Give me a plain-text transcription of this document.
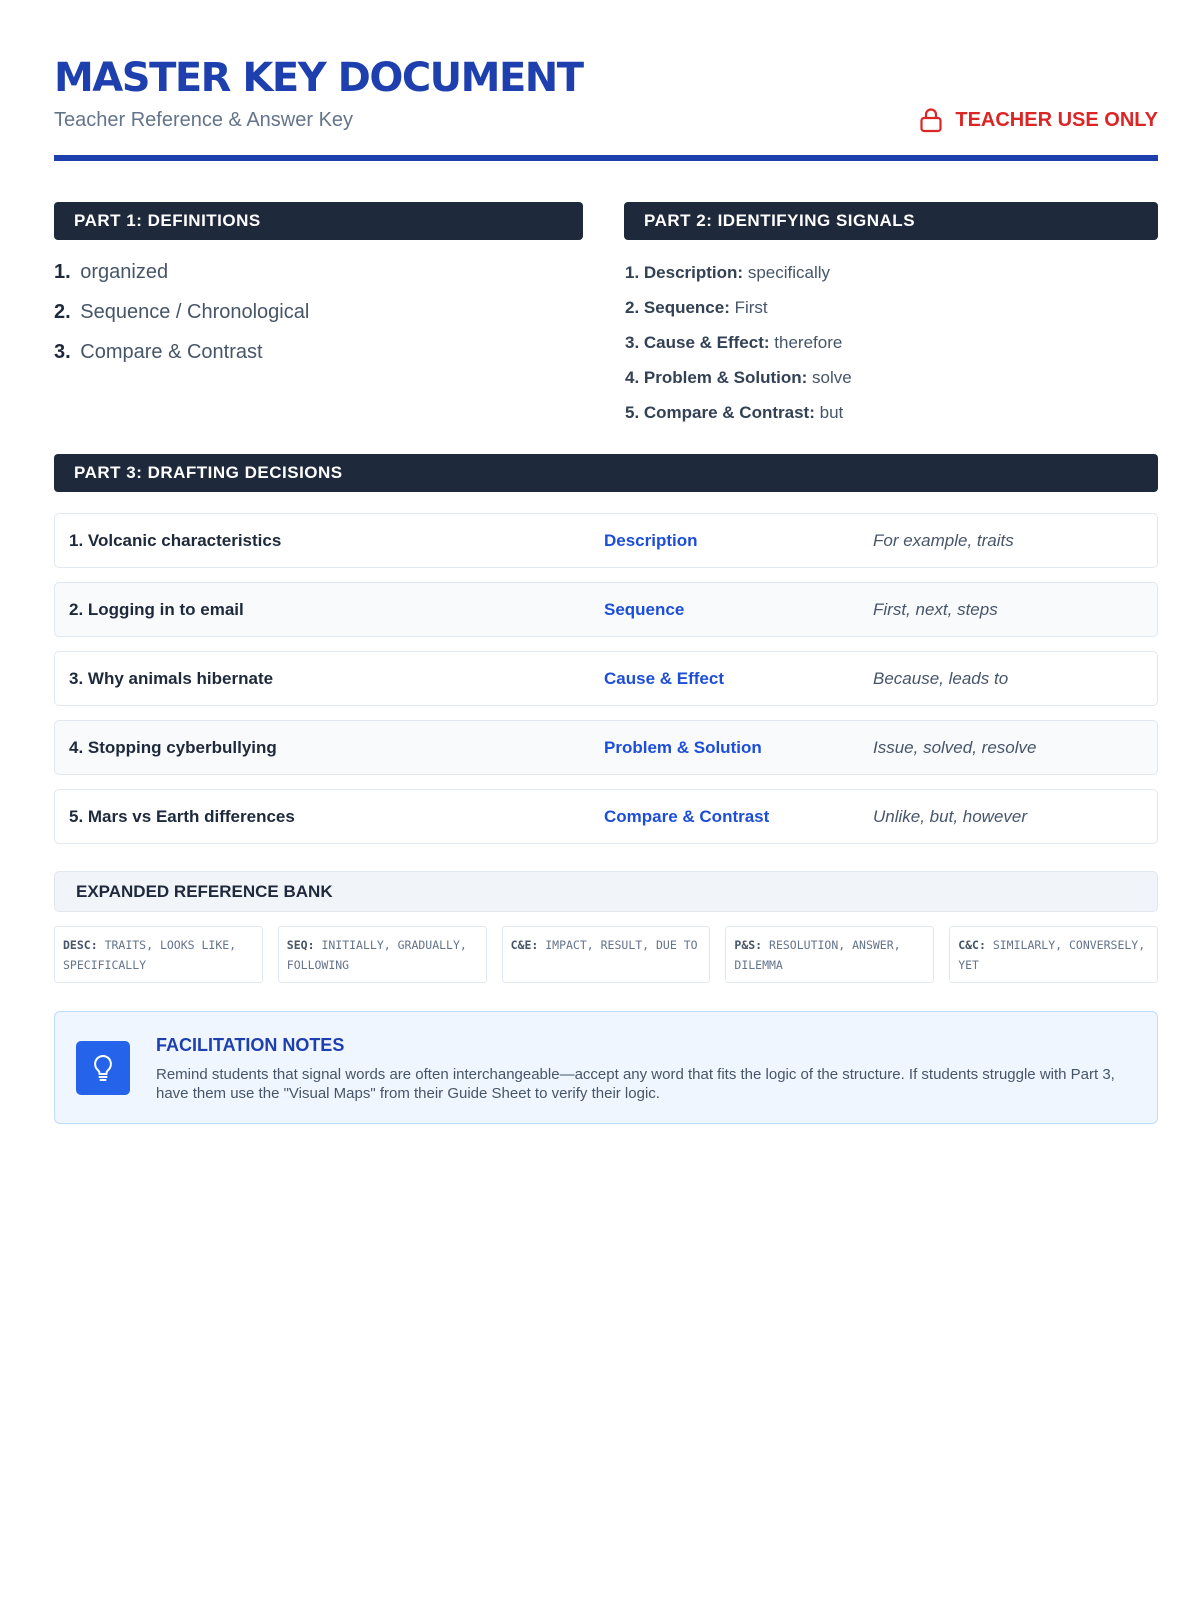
MASTER KEY DOCUMENT
Teacher Reference & Answer Key	TEACHER USE ONLY
PART 1: DEFINITIONS
1. organized
2. Sequence / Chronological
3. Compare & Contrast
PART 2: IDENTIFYING SIGNALS
1. Description: specifically
2. Sequence: First
3. Cause & Effect: therefore
4. Problem & Solution: solve
5. Compare & Contrast: but
PART 3: DRAFTING DECISIONS
1. Volcanic characteristics	Description	For example, traits
2. Logging in to email	Sequence	First, next, steps
3. Why animals hibernate	Cause & Effect	Because, leads to
4. Stopping cyberbullying	Problem & Solution	Issue, solved, resolve
5. Mars vs Earth differences	Compare & Contrast	Unlike, but, however
EXPANDED REFERENCE BANK
DESC: TRAITS, LOOKS LIKE, SPECIFICALLY
SEQ: INITIALLY, GRADUALLY, FOLLOWING
C&E: IMPACT, RESULT, DUE TO	P&S: RESOLUTION, ANSWER, DILEMMA
C&C: SIMILARLY, CONVERSELY, YET
FACILITATION NOTES
Remind students that signal words are often interchangeable—accept any word that fits the logic of the structure. If students struggle with Part 3, have them use the "Visual Maps" from their Guide Sheet to verify their logic.
